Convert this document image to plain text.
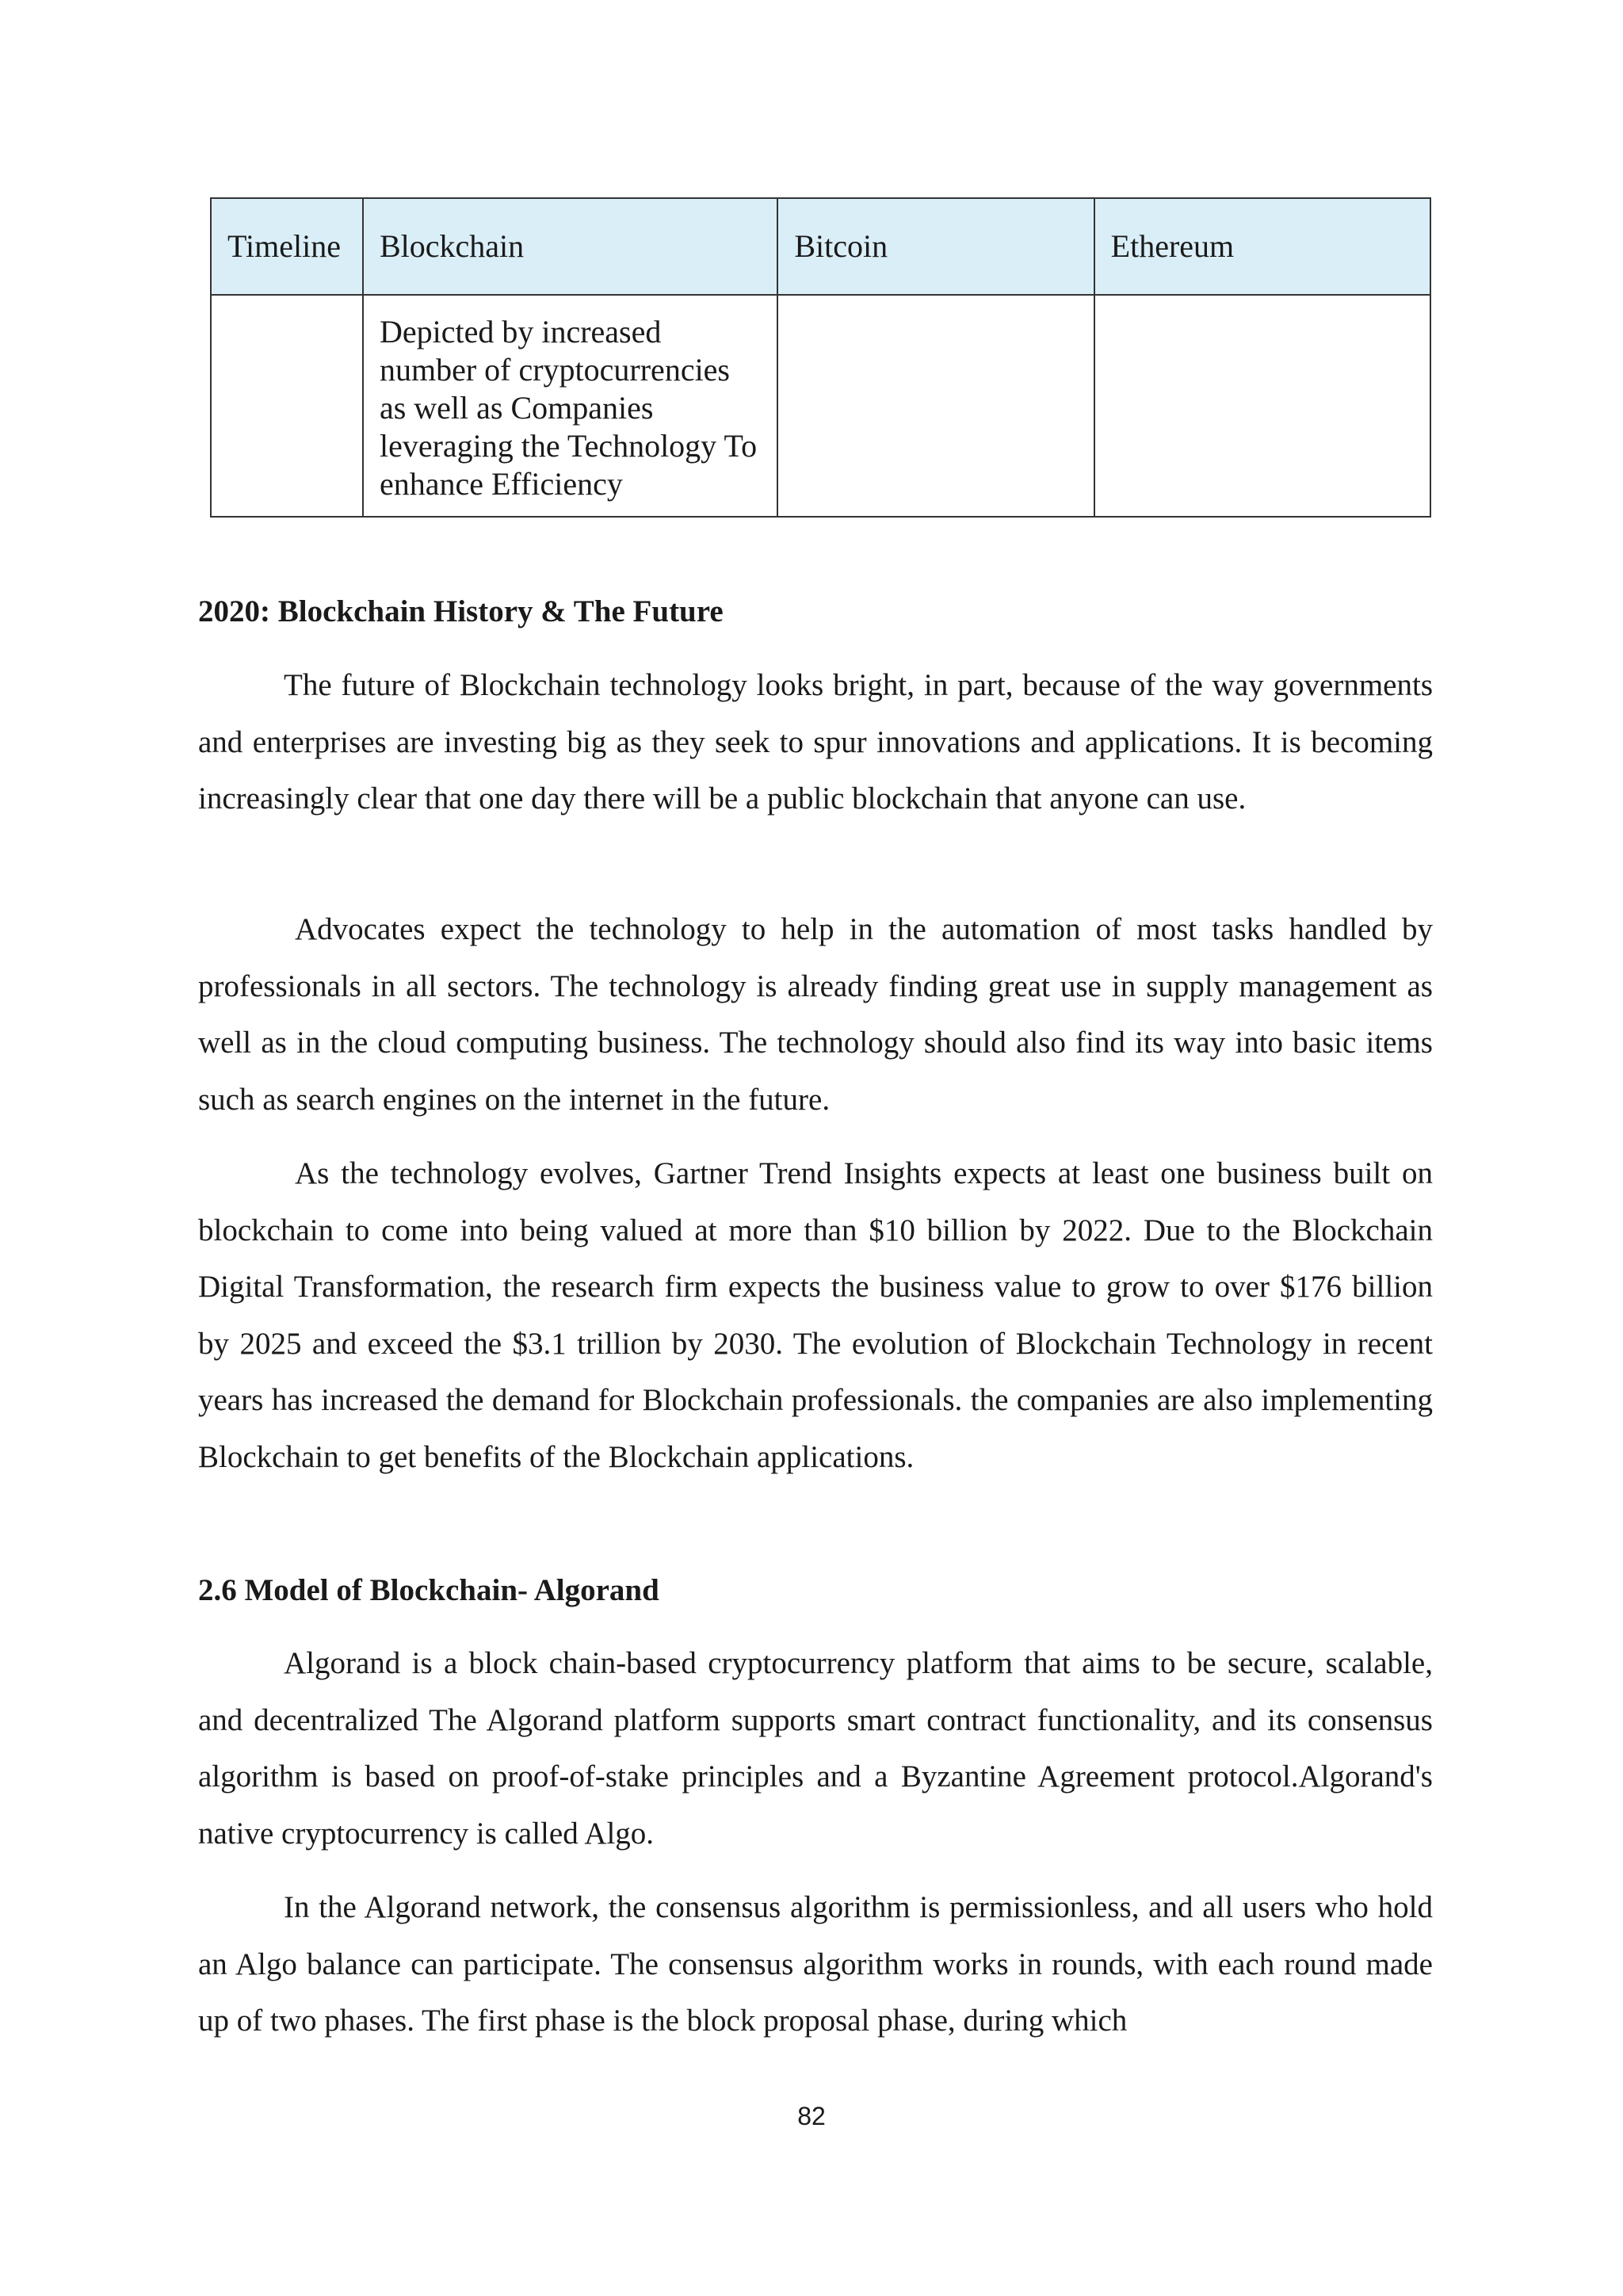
Timeline	Blockchain	Bitcoin	Ethereum
	Depicted by increased number of cryptocurrencies as well as Companies leveraging the Technology To enhance Efficiency		
2020: Blockchain History & The Future

The future of Blockchain technology looks bright, in part, because of the way governments and enterprises are investing big as they seek to spur innovations and applications. It is becoming increasingly clear that one day there will be a public blockchain that anyone can use.

Advocates expect the technology to help in the automation of most tasks handled by professionals in all sectors. The technology is already finding great use in supply management as well as in the cloud computing business. The technology should also find its way into basic items such as search engines on the internet in the future.

As the technology evolves, Gartner Trend Insights expects at least one business built on blockchain to come into being valued at more than $10 billion by 2022. Due to the Blockchain Digital Transformation, the research firm expects the business value to grow to over $176 billion by 2025 and exceed the $3.1 trillion by 2030. The evolution of Blockchain Technology in recent years has increased the demand for Blockchain professionals. the companies are also implementing Blockchain to get benefits of the Blockchain applications.

2.6 Model of Blockchain- Algorand

Algorand is a block chain-based cryptocurrency platform that aims to be secure, scalable, and decentralized The Algorand platform supports smart contract functionality, and its consensus algorithm is based on proof-of-stake principles and a Byzantine Agreement protocol.Algorand's native cryptocurrency is called Algo.

In the Algorand network, the consensus algorithm is permissionless, and all users who hold an Algo balance can participate. The consensus algorithm works in rounds, with each round made up of two phases. The first phase is the block proposal phase, during which

82
